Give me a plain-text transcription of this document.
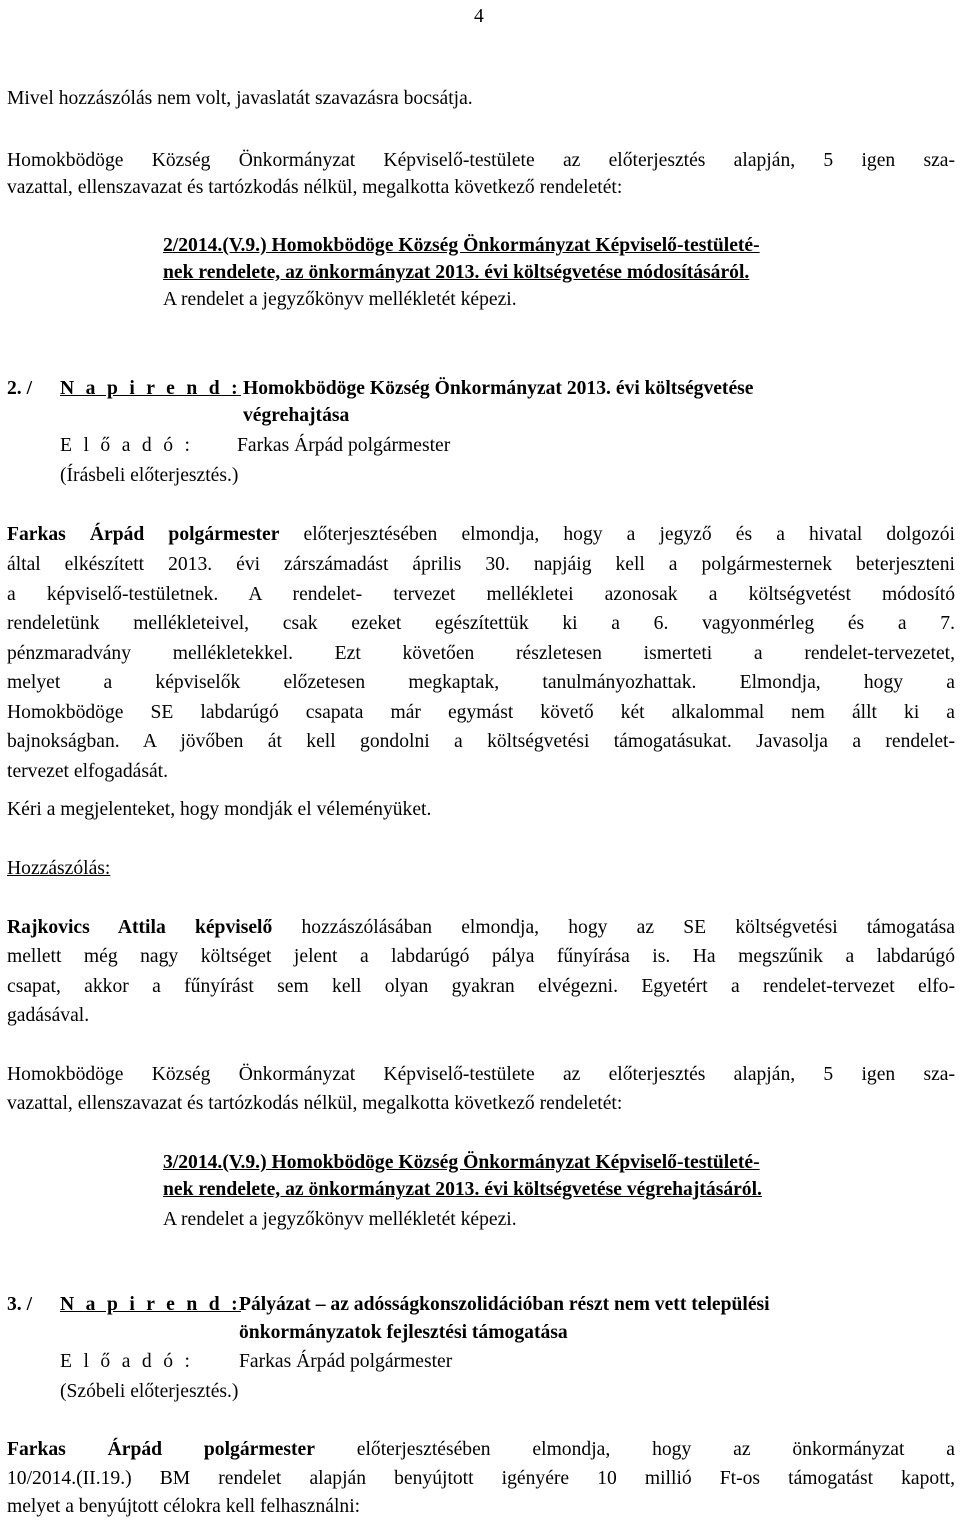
4
Mivel hozzászólás nem volt, javaslatát szavazásra bocsátja.
Homokbödöge Község Önkormányzat Képviselő-testülete az előterjesztés alapján, 5 igen sza-
vazattal, ellenszavazat és tartózkodás nélkül, megalkotta következő rendeletét:
2/2014.(V.9.) Homokbödöge Község Önkormányzat Képviselő-testületé-
nek rendelete, az önkormányzat 2013. évi költségvetése módosításáról.
A rendelet a jegyzőkönyv mellékletét képezi.
2. / N a p i r e n d : Homokbödöge Község Önkormányzat 2013. évi költségvetése
végrehajtása
E l ő a d ó : Farkas Árpád polgármester
(Írásbeli előterjesztés.)
Farkas Árpád polgármester előterjesztésében elmondja, hogy a jegyző és a hivatal dolgozói
által elkészített 2013. évi zárszámadást április 30. napjáig kell a polgármesternek beterjeszteni
a képviselő-testületnek. A rendelet- tervezet mellékletei azonosak a költségvetést módosító
rendeletünk mellékleteivel, csak ezeket egészítettük ki a 6. vagyonmérleg és a 7.
pénzmaradvány mellékletekkel. Ezt követően részletesen ismerteti a rendelet-tervezetet,
melyet a képviselők előzetesen megkaptak, tanulmányozhattak. Elmondja, hogy a
Homokbödöge SE labdarúgó csapata már egymást követő két alkalommal nem állt ki a
bajnokságban. A jövőben át kell gondolni a költségvetési támogatásukat. Javasolja a rendelet-
tervezet elfogadását.
Kéri a megjelenteket, hogy mondják el véleményüket.
Hozzászólás:
Rajkovics Attila képviselő hozzászólásában elmondja, hogy az SE költségvetési támogatása
mellett még nagy költséget jelent a labdarúgó pálya fűnyírása is. Ha megszűnik a labdarúgó
csapat, akkor a fűnyírást sem kell olyan gyakran elvégezni. Egyetért a rendelet-tervezet elfo-
gadásával.
Homokbödöge Község Önkormányzat Képviselő-testülete az előterjesztés alapján, 5 igen sza-
vazattal, ellenszavazat és tartózkodás nélkül, megalkotta következő rendeletét:
3/2014.(V.9.) Homokbödöge Község Önkormányzat Képviselő-testületé-
nek rendelete, az önkormányzat 2013. évi költségvetése végrehajtásáról.
A rendelet a jegyzőkönyv mellékletét képezi.
3. / N a p i r e n d :
Pályázat – az adósságkonszolidációban részt nem vett települési
önkormányzatok fejlesztési támogatása
E l ő a d ó : Farkas Árpád polgármester
(Szóbeli előterjesztés.)
Farkas Árpád polgármester előterjesztésében elmondja, hogy az önkormányzat a
10/2014.(II.19.) BM rendelet alapján benyújtott igényére 10 millió Ft-os támogatást kapott,
melyet a benyújtott célokra kell felhasználni:
